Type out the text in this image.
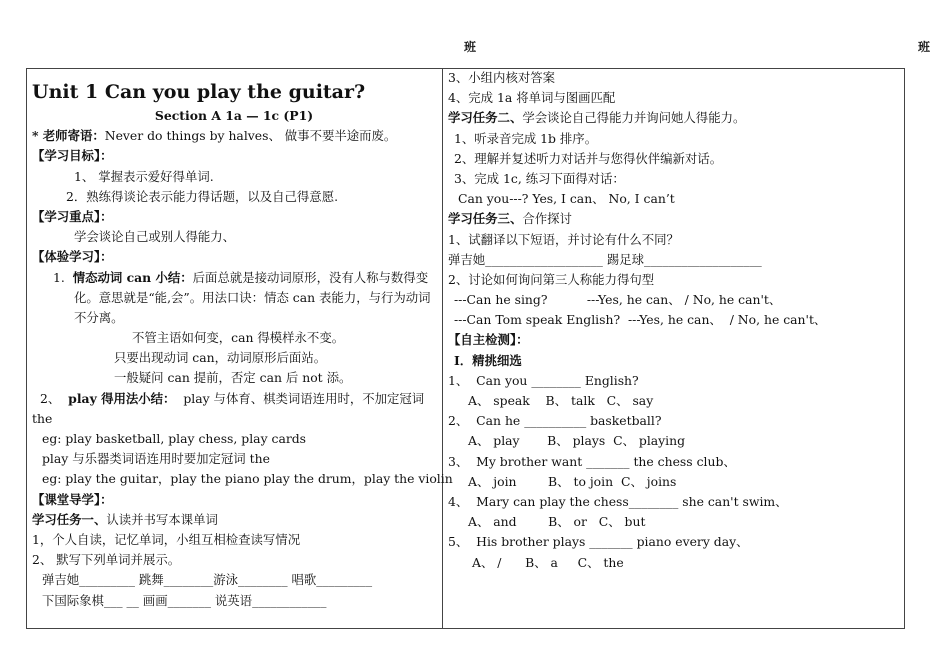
班	班
Unit 1 Can you play the guitar?
Section A 1a — 1c (P1)
* 老师寄语：Never do things by halves、 做事不要半途而废。
【学习目标】：
1、 掌握表示爱好得单词.
2．熟练得谈论表示能力得话题，以及自己得意愿.
【学习重点】：
学会谈论自己或别人得能力、
【体验学习】：
1. 情态动词 can 小结：后面总就是接动词原形，没有人称与数得变化。意思就是“能,会”。用法口诀：情态 can 表能力，与行为动词不分离。
不管主语如何变，can 得模样永不变。
只要出现动词 can，动词原形后面站。
一般疑问 can 提前，否定 can 后 not 添。
2、 play 得用法小结： play 与体育、棋类词语连用时，不加定冠词 the
eg: play basketball, play chess, play cards
play 与乐器类词语连用时要加定冠词 the
eg: play the guitar，play the piano play the drum，play the violin
【课堂导学】：
学习任务一、认读并书写本课单词
1，个人自读，记忆单词，小组互相检查读写情况
2、 默写下列单词并展示。
弹吉她_________ 跳舞________游泳________ 唱歌_________
下国际象棋___ __ 画画_______ 说英语____________
3、小组内核对答案
4、完成 1a 将单词与图画匹配
学习任务二、学会谈论自己得能力并询问她人得能力。
1、听录音完成 1b 排序。
2、理解并复述听力对话并与您得伙伴编新对话。
3、完成 1c, 练习下面得对话：
Can you---? Yes, I can、 No, I can’t
学习任务三、合作探讨
1、试翻译以下短语，并讨论有什么不同？
弹吉她___________________ 踢足球___________________
2、讨论如何询问第三人称能力得句型
---Can he sing?          ---Yes, he can、 / No, he can't、
---Can Tom speak English?  ---Yes, he can、  / No, he can't、
【自主检测】：
I．精挑细选
1、  Can you ________ English?
A、 speak    B、 talk   C、 say
2、  Can he __________ basketball?
A、 play       B、 plays  C、 playing
3、  My brother want _______ the chess club、
A、 join        B、 to join  C、 joins
4、  Mary can play the chess________ she can't swim、
A、 and        B、 or   C、 but
5、  His brother plays _______ piano every day、
A、 /      B、 a     C、 the
